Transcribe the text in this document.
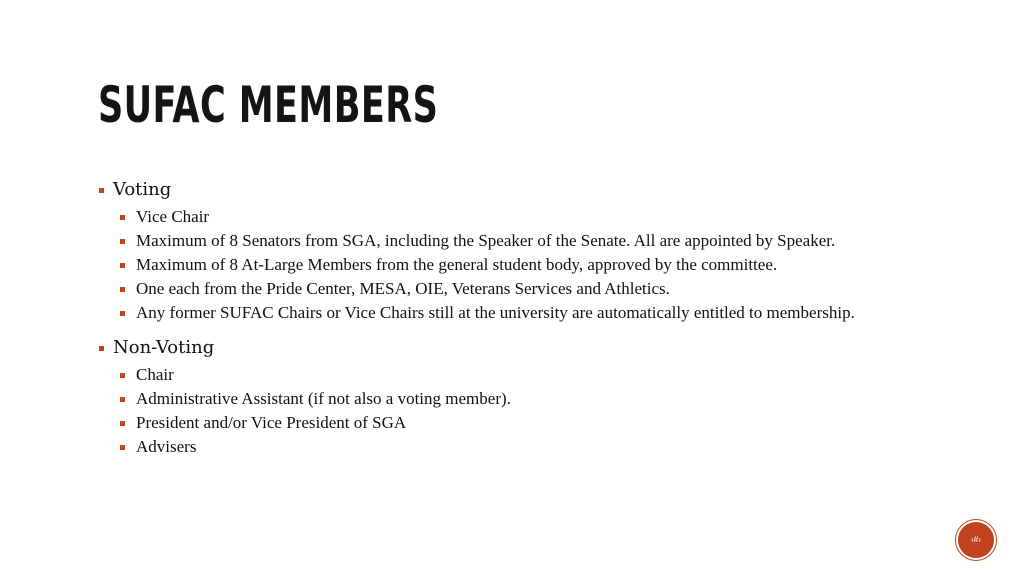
SUFAC MEMBERS
Voting
Vice Chair
Maximum of 8 Senators from SGA, including the Speaker of the Senate. All are appointed by Speaker.
Maximum of 8 At-Large Members from the general student body, approved by the committee.
One each from the Pride Center, MESA, OIE, Veterans Services and Athletics.
Any former SUFAC Chairs or Vice Chairs still at the university are automatically entitled to membership.
Non-Voting
Chair
Administrative Assistant (if not also a voting member).
President and/or Vice President of SGA
Advisers
‹#›
